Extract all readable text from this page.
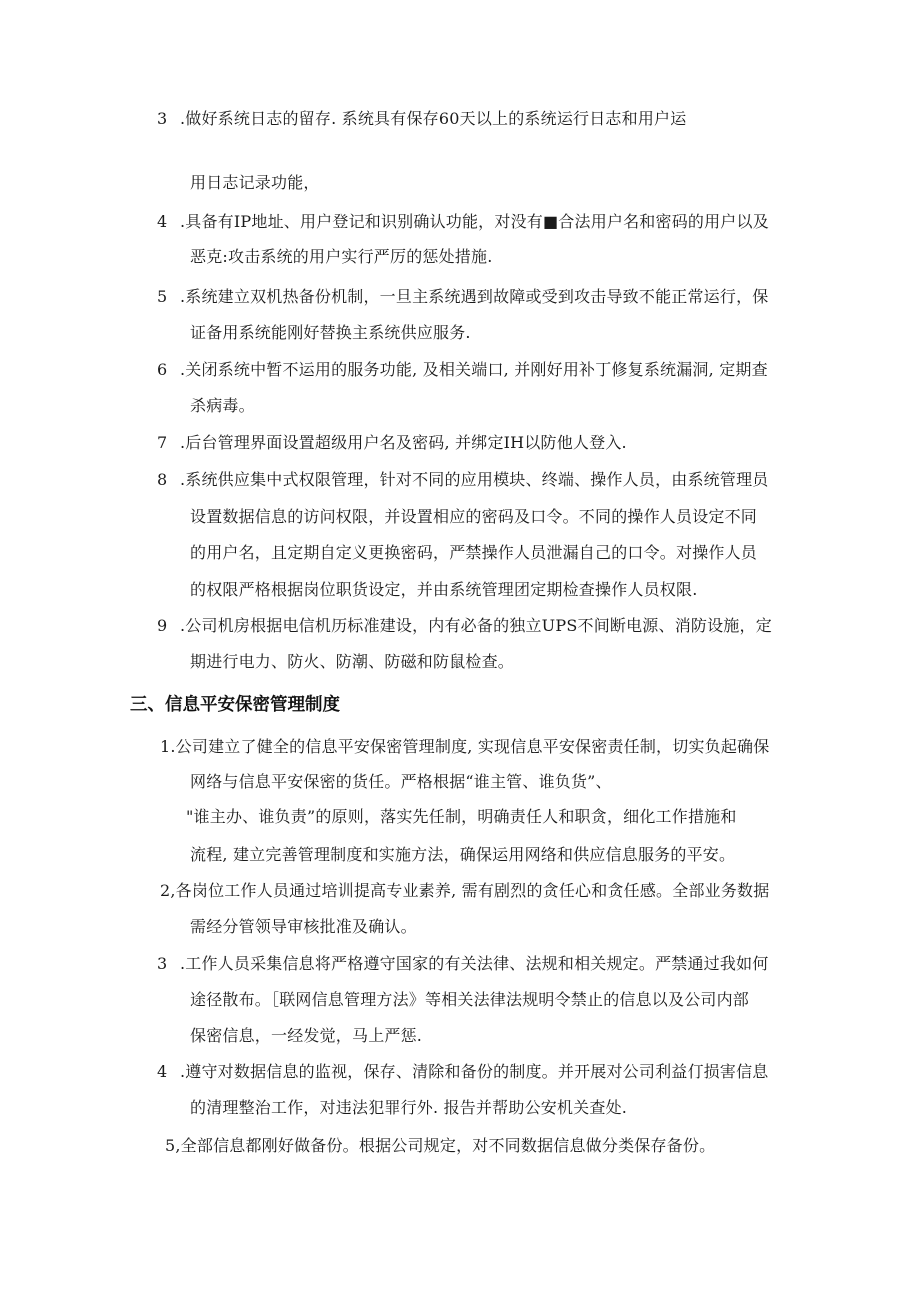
3 .做好系统日志的留存. 系统具有保存60天以上的系统运行日志和用户运

用日志记录功能，

4 .具备有IP地址、用户登记和识别确认功能，对没有■合法用户名和密码的用户以及

恶克:攻击系统的用户实行严厉的惩处措施.

5 .系统建立双机热备份机制，一旦主系统遇到故障或受到攻击导致不能正常运行，保

证备用系统能刚好替换主系统供应服务.

6 .关闭系统中暂不运用的服务功能, 及相关端口, 并刚好用补丁修复系统漏洞, 定期查

杀病毒。

7 .后台管理界面设置超级用户名及密码, 并绑定IH以防他人登入.

8 .系统供应集中式权限管理，针对不同的应用模块、终端、操作人员，由系统管理员

设置数据信息的访问权限，并设置相应的密码及口令。不同的操作人员设定不同

的用户名，且定期自定义更换密码，严禁操作人员泄漏自己的口令。对操作人员

的权限严格根据岗位职货设定，并由系统管理团定期检查操作人员权限.

9 .公司机房根据电信机历标准建设，内有必备的独立UPS不间断电源、消防设施，定

期进行电力、防火、防潮、防磁和防鼠检查。

三、信息平安保密管理制度

1.公司建立了健全的信息平安保密管理制度, 实现信息平安保密责任制，切实负起确保

网络与信息平安保密的货任。严格根据“谁主管、谁负货”、

"谁主办、谁负责”的原则，落实先任制，明确责任人和职贪，细化工作措施和

流程, 建立完善管理制度和实施方法，确保运用网络和供应信息服务的平安。

2,各岗位工作人员通过培训提高专业素养, 需有剧烈的贪任心和贪任感。全部业务数据

需经分管领导审核批准及确认。

3 .工作人员采集信息将严格遵守国家的有关法律、法规和相关规定。严禁通过我如何

途径散布。［联网信息管理方法》等相关法律法规明令禁止的信息以及公司内部

保密信息，一经发觉，马上严惩.

4 .遵守对数据信息的监视，保存、清除和备份的制度。并开展对公司利益仃损害信息

的清理整治工作，对违法犯罪行外. 报告并帮助公安机关查处.

5,全部信息都刚好做备份。根据公司规定，对不同数据信息做分类保存备份。
